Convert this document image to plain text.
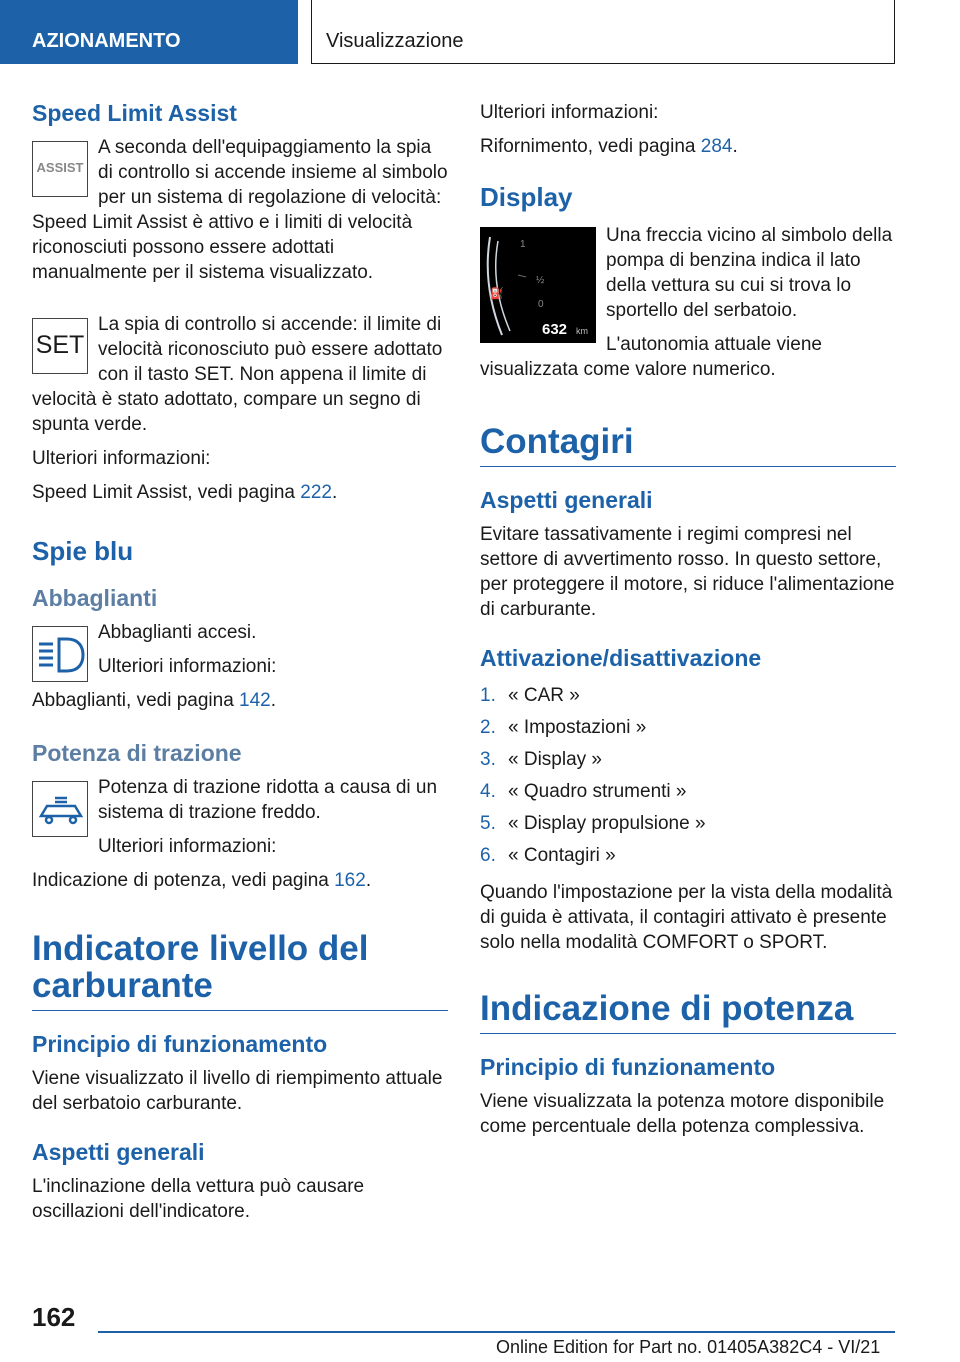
AZIONAMENTO	Visualizzazione
Speed Limit Assist
ASSIST

A seconda dell'equipaggiamento la spia di controllo si accende insieme al simbolo per un sistema di regolazione di velocità: Speed Limit Assist è attivo e i limiti di velocità riconosciuti possono essere adottati manualmente per il sistema visualizzato.

SET

La spia di controllo si accende: il limite di velocità riconosciuto può essere adottato con il tasto SET. Non appena il limite di velocità è stato adottato, compare un segno di spunta verde.

Ulteriori informazioni:

Speed Limit Assist, vedi pagina 222.

Spie blu
Abbaglianti

Abbaglianti accesi.

Ulteriori informazioni:

Abbaglianti, vedi pagina 142.

Potenza di trazione

Potenza di trazione ridotta a causa di un sistema di trazione freddo.

Ulteriori informazioni:

Indicazione di potenza, vedi pagina 162.

Indicatore livello del carburante
Principio di funzionamento

Viene visualizzato il livello di riempimento attuale del serbatoio carburante.

Aspetti generali

L'inclinazione della vettura può causare oscillazioni dell'indicatore.

Ulteriori informazioni:

Rifornimento, vedi pagina 284.

Display
⛽
1
½
0
632 km

Una freccia vicino al simbolo della pompa di benzina indica il lato della vettura su cui si trova lo sportello del serbatoio.

L'autonomia attuale viene visualizzata come valore numerico.

Contagiri
Aspetti generali

Evitare tassativamente i regimi compresi nel settore di avvertimento rosso. In questo settore, per proteggere il motore, si riduce l'alimentazione di carburante.

Attivazione/disattivazione
1. « CAR »
2. « Impostazioni »
3. « Display »
4. « Quadro strumenti »
5. « Display propulsione »
6. « Contagiri »

Quando l'impostazione per la vista della modalità di guida è attivata, il contagiri attivato è presente solo nella modalità COMFORT o SPORT.

Indicazione di potenza
Principio di funzionamento

Viene visualizzata la potenza motore disponibile come percentuale della potenza complessiva.

162
Online Edition for Part no. 01405A382C4 - VI/21
